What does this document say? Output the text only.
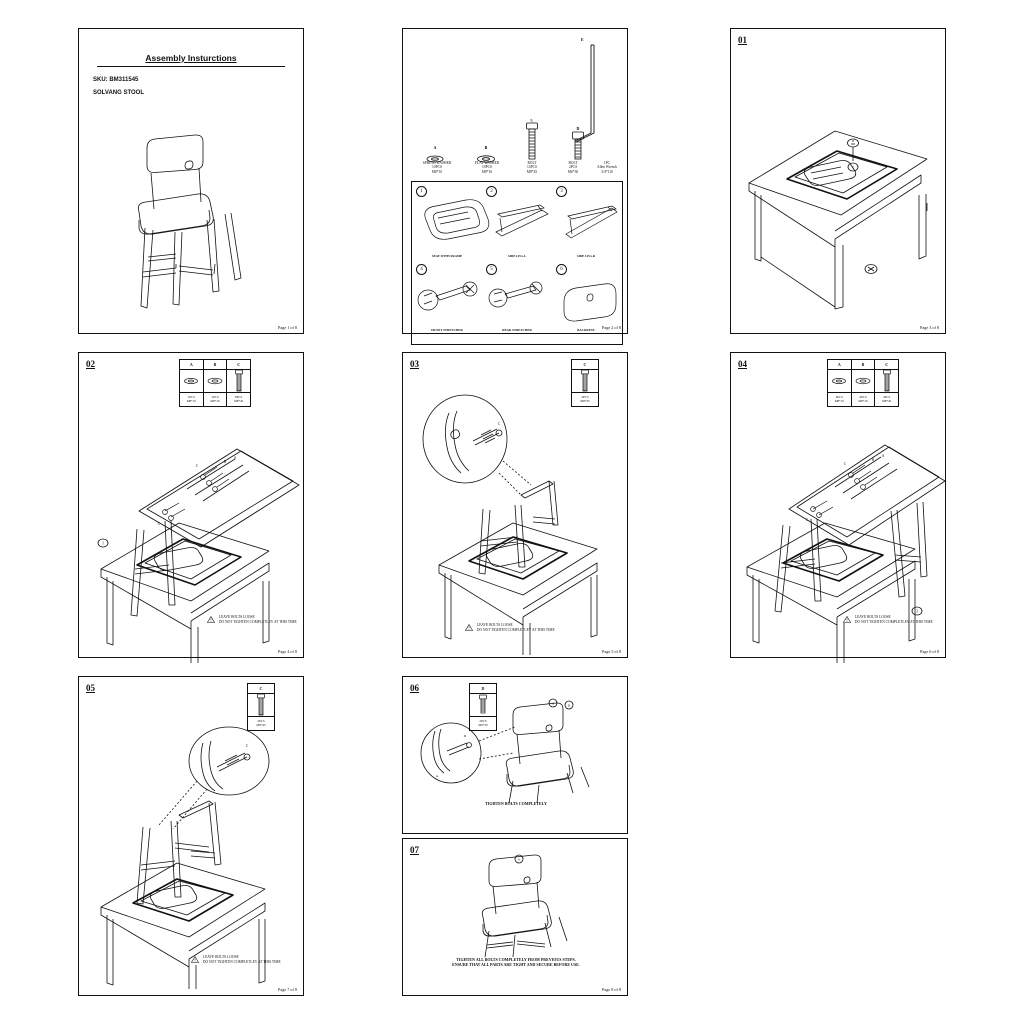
Assembly Insturctions
SKU: BM311545
SOLVANG STOOL
Page 1 of 8
E
A	B
C
D
SPRING WASHER
10PCS
M8*10
FLAT WASHER
10PCS
M8*16
BOLT
14PCS
M8*45
BOLT
2PCS
M6*30
1PC
Allen Wrench
3/4*110
1	2	3
SEAT WITH FRAME	SIDE LEG-L	SIDE LEG-R
4	5	6
FRONT STRETCHER	REAR STRETCHER	BACKREST	Page 2 of 8
01
1
Page 3 of 8
02	A
1PCS
M8*10
B
1PCS
M8*16
C
8PCS
M8*45
1
C
B
A
C

LEAVE BOLTS LOOSE
DO NOT TIGHTEN COMPLETLEY AT THIS TIME
Page 4 of 8
03	C
2PCS
M8*45
C

LEAVE BOLTS LOOSE
DO NOT TIGHTEN COMPLETLEY AT THIS TIME
Page 5 of 8
04	A
4PCS
M8*10
B
4PCS
M8*16
C
4PCS
M8*45
3
C
B
A
C

LEAVE BOLTS LOOSE
DO NOT TIGHTEN COMPLETLEY AT THIS TIME
Page 6 of 8
05	C
2PCS
M8*45
C

LEAVE BOLTS LOOSE
DO NOT TIGHTEN COMPLETLEY AT THIS TIME
Page 7 of 8
06	D
2PCS
M6*30
A	D
D
A
TIGHTEN BOLTS COMPLETELY
07
6
TIGHTEN ALL BOLTS COMPLETELY FROM PREVIOUS STEPS.
ENSURE THAT ALL PARTS ARE TIGHT AND SECURE BEFORE USE.
Page 8 of 8
